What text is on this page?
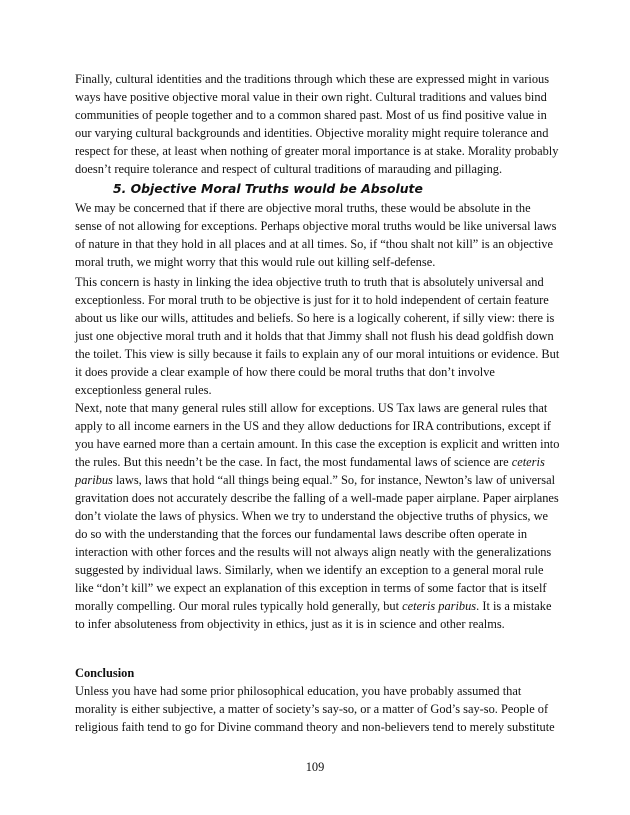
Finally, cultural identities and the traditions through which these are expressed might in various ways have positive objective moral value in their own right. Cultural traditions and values bind communities of people together and to a common shared past. Most of us find positive value in our varying cultural backgrounds and identities. Objective morality might require tolerance and respect for these, at least when nothing of greater moral importance is at stake. Morality probably doesn’t require tolerance and respect of cultural traditions of marauding and pillaging.

5. Objective Moral Truths would be Absolute

We may be concerned that if there are objective moral truths, these would be absolute in the sense of not allowing for exceptions. Perhaps objective moral truths would be like universal laws of nature in that they hold in all places and at all times. So, if “thou shalt not kill” is an objective moral truth, we might worry that this would rule out killing self-defense.

This concern is hasty in linking the idea objective truth to truth that is absolutely universal and exceptionless. For moral truth to be objective is just for it to hold independent of certain feature about us like our wills, attitudes and beliefs. So here is a logically coherent, if silly view: there is just one objective moral truth and it holds that that Jimmy shall not flush his dead goldfish down the toilet. This view is silly because it fails to explain any of our moral intuitions or evidence. But it does provide a clear example of how there could be moral truths that don’t involve exceptionless general rules.

Next, note that many general rules still allow for exceptions. US Tax laws are general rules that apply to all income earners in the US and they allow deductions for IRA contributions, except if you have earned more than a certain amount. In this case the exception is explicit and written into the rules. But this needn’t be the case. In fact, the most fundamental laws of science are ceteris paribus laws, laws that hold “all things being equal.” So, for instance, Newton’s law of universal gravitation does not accurately describe the falling of a well-made paper airplane. Paper airplanes don’t violate the laws of physics. When we try to understand the objective truths of physics, we do so with the understanding that the forces our fundamental laws describe often operate in interaction with other forces and the results will not always align neatly with the generalizations suggested by individual laws. Similarly, when we identify an exception to a general moral rule like “don’t kill” we expect an explanation of this exception in terms of some factor that is itself morally compelling. Our moral rules typically hold generally, but ceteris paribus. It is a mistake to infer absoluteness from objectivity in ethics, just as it is in science and other realms.

Conclusion

Unless you have had some prior philosophical education, you have probably assumed that morality is either subjective, a matter of society’s say-so, or a matter of God’s say-so. People of religious faith tend to go for Divine command theory and non-believers tend to merely substitute

109
